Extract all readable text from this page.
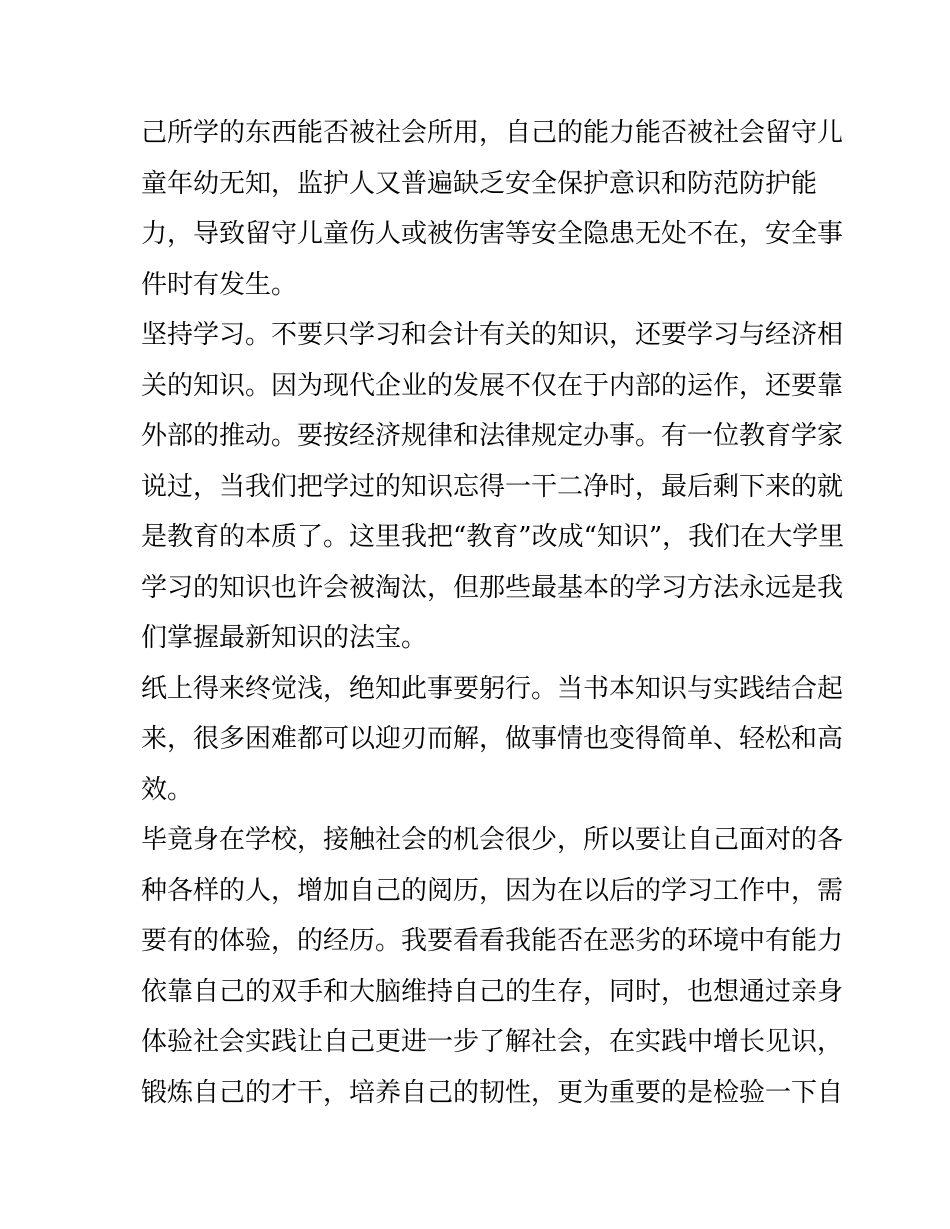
己所学的东西能否被社会所用，自己的能力能否被社会留守儿
童年幼无知，监护人又普遍缺乏安全保护意识和防范防护能
力，导致留守儿童伤人或被伤害等安全隐患无处不在，安全事
件时有发生。

坚持学习。不要只学习和会计有关的知识，还要学习与经济相
关的知识。因为现代企业的发展不仅在于内部的运作，还要靠
外部的推动。要按经济规律和法律规定办事。有一位教育学家
说过，当我们把学过的知识忘得一干二净时，最后剩下来的就
是教育的本质了。这里我把“教育”改成“知识”，我们在大学里
学习的知识也许会被淘汰，但那些最基本的学习方法永远是我
们掌握最新知识的法宝。

纸上得来终觉浅，绝知此事要躬行。当书本知识与实践结合起
来，很多困难都可以迎刃而解，做事情也变得简单、轻松和高
效。

毕竟身在学校，接触社会的机会很少，所以要让自己面对的各
种各样的人，增加自己的阅历，因为在以后的学习工作中，需
要有的体验，的经历。我要看看我能否在恶劣的环境中有能力
依靠自己的双手和大脑维持自己的生存，同时，也想通过亲身
体验社会实践让自己更进一步了解社会，在实践中增长见识，
锻炼自己的才干，培养自己的韧性，更为重要的是检验一下自
